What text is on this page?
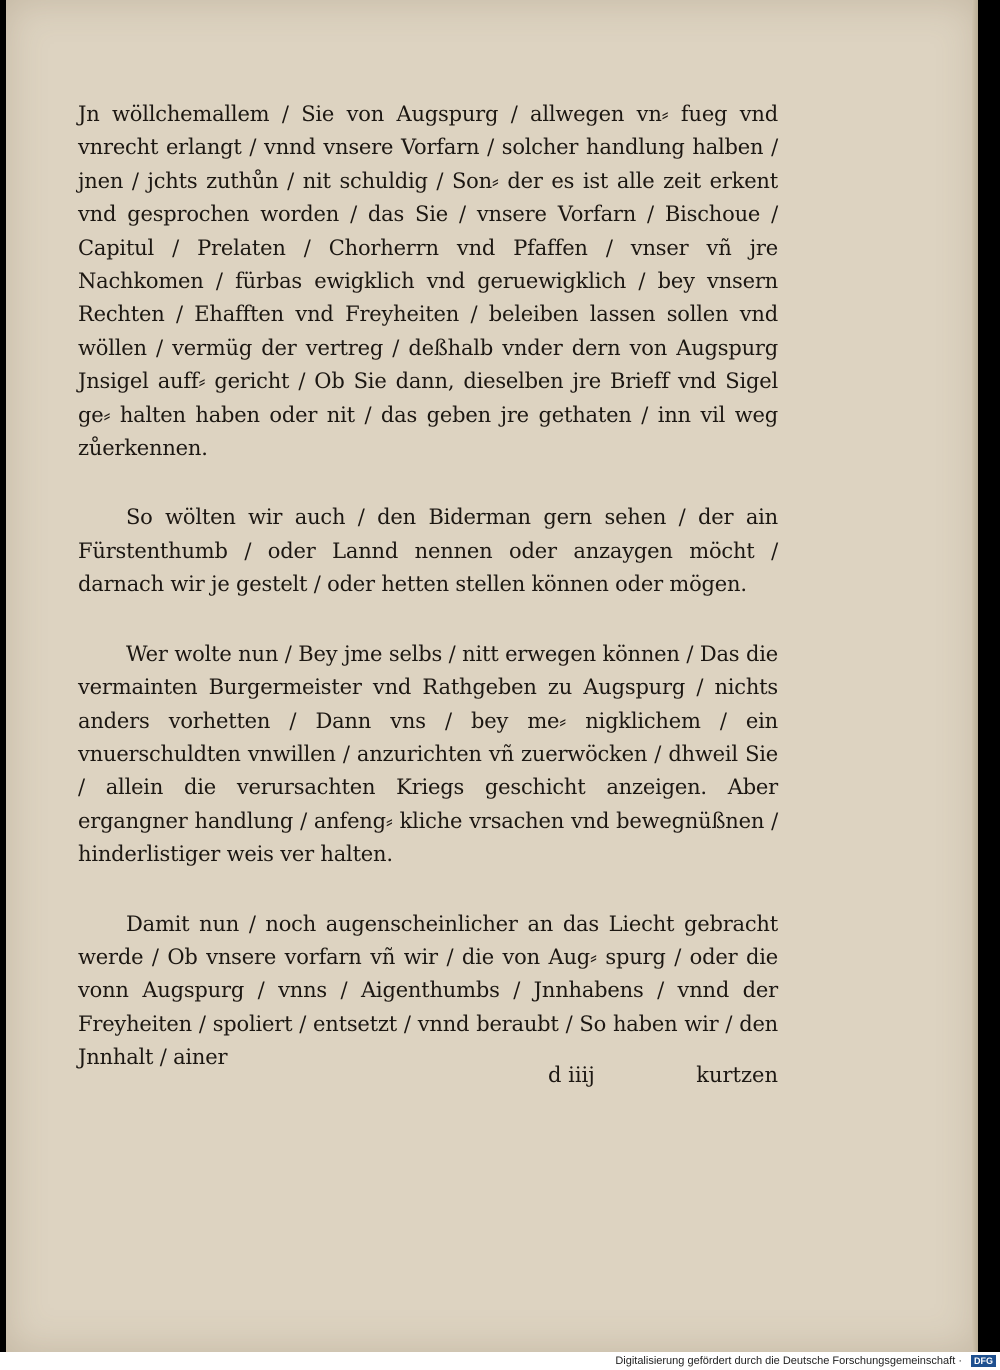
Jn wöllchemallem / Sie von Augspurg / allwegen vn⸗ fueg vnd vnrecht erlangt / vnnd vnsere Vorfarn / solcher handlung halben / jnen / jchts zuthůn / nit schuldig / Son⸗ der es ist alle zeit erkent vnd gesprochen worden / das Sie / vnsere Vorfarn / Bischoue / Capitul / Prelaten / Chorherrn vnd Pfaffen / vnser vñ jre Nachkomen / fürbas ewigklich vnd geruewigklich / bey vnsern Rechten / Ehafften vnd Freyheiten / beleiben lassen sollen vnd wöllen / vermüg der vertreg / deßhalb vnder dern von Augspurg Jnsigel auff⸗ gericht / Ob Sie dann, dieselben jre Brieff vnd Sigel ge⸗ halten haben oder nit / das geben jre gethaten / inn vil weg zůerkennen.

So wölten wir auch / den Biderman gern sehen / der ain Fürstenthumb / oder Lannd nennen oder anzaygen möcht / darnach wir je gestelt / oder hetten stellen können oder mögen.

Wer wolte nun / Bey jme selbs / nitt erwegen können / Das die vermainten Burgermeister vnd Rathgeben zu Augspurg / nichts anders vorhetten / Dann vns / bey me⸗ nigklichem / ein vnuerschuldten vnwillen / anzurichten vñ zuerwöcken / dhweil Sie / allein die verursachten Kriegs geschicht anzeigen. Aber ergangner handlung / anfeng⸗ kliche vrsachen vnd bewegnüßnen / hinderlistiger weis ver halten.

Damit nun / noch augenscheinlicher an das Liecht gebracht werde / Ob vnsere vorfarn vñ wir / die von Aug⸗ spurg / oder die vonn Augspurg / vnns / Aigenthumbs / Jnnhabens / vnnd der Freyheiten / spoliert / entsetzt / vnnd beraubt / So haben wir / den Jnnhalt / ainer

d iiij	kurtzen
Digitalisierung gefördert durch die Deutsche Forschungsgemeinschaft ·	DFG
